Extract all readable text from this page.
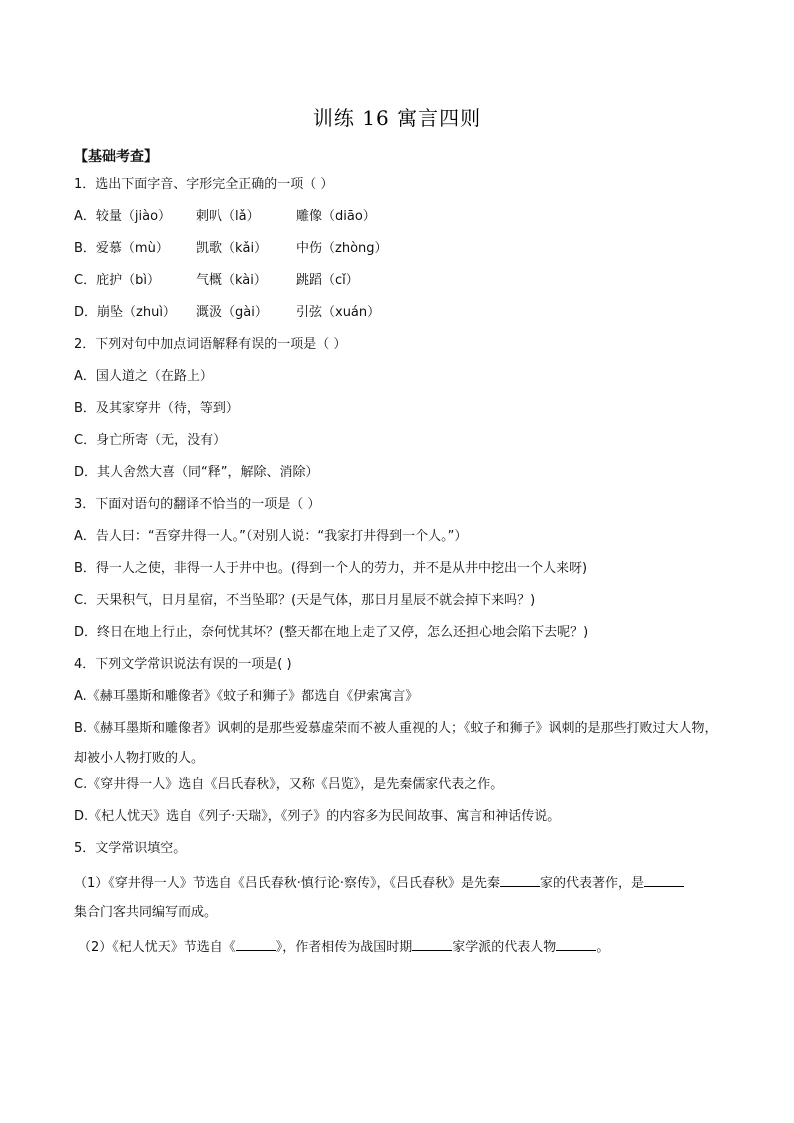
训练 16 寓言四则
【基础考查】
1．选出下面字音、字形完全正确的一项（ ）
A．较量（jiào） 剌叭（lǎ）	雕像（diāo）
B．爱慕（mù） 凯歌（kǎi） 中伤（zhòng）
C．庇护（bì）	气概（kài） 跳蹈（cǐ）
D．崩坠（zhuì） 溉汲（gài） 引弦（xuán）
2．下列对句中加点词语解释有误的一项是（ ）
A．国人道之（在路上）
B．及其家穿井（待，等到）
C．身亡所寄（无，没有）
D．其人舍然大喜（同“释”，解除、消除）
3．下面对语句的翻译不恰当的一项是（ ）
A．告人曰：“吾穿井得一人。”（对别人说：“我家打井得到一个人。”）
B．得一人之使，非得一人于井中也。(得到一个人的劳力，并不是从井中挖出一个人来呀)
C．天果积气，日月星宿，不当坠耶？(天是气体，那日月星辰不就会掉下来吗？)
D．终日在地上行止，奈何忧其坏？(整天都在地上走了又停，怎么还担心地会陷下去呢？)
4．下列文学常识说法有误的一项是( )
A.《赫耳墨斯和雕像者》《蚊子和狮子》都选自《伊索寓言》
B.《赫耳墨斯和雕像者》讽刺的是那些爱慕虚荣而不被人重视的人；《蚊子和狮子》讽刺的是那些打败过大人物，却被小人物打败的人。
C.《穿井得一人》选自《吕氏春秋》，又称《吕览》，是先秦儒家代表之作。
D.《杞人忧天》选自《列子·天瑞》，《列子》的内容多为民间故事、寓言和神话传说。
5．文学常识填空。
（1）《穿井得一人》节选自《吕氏春秋·慎行论·察传》，《吕氏春秋》是先秦	家的代表著作，是
集合门客共同编写而成。
（2）《杞人忧天》节选自《	》，作者相传为战国时期	家学派的代表人物	。
